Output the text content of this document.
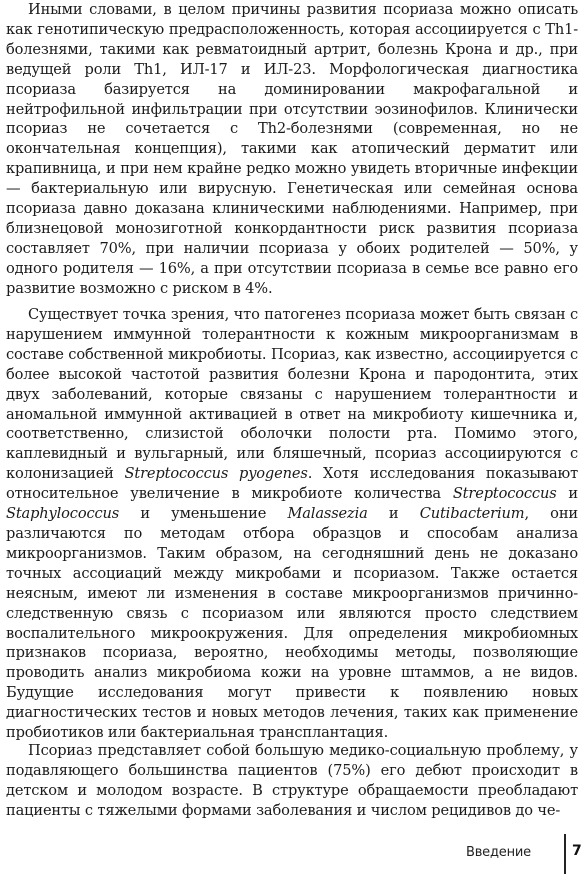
Иными словами, в целом причины развития псориаза можно описать как генотипическую предрасположенность, которая ассоциируется с Th1-болезнями, такими как ревматоидный артрит, болезнь Крона и др., при ведущей роли Th1, ИЛ-17 и ИЛ-23. Морфологическая диагностика псориаза базируется на доминировании макрофагальной и нейтрофильной инфильтрации при отсутствии эозинофилов. Клинически псориаз не сочетается с Th2-болезнями (современная, но не окончательная концепция), такими как атопический дерматит или крапивница, и при нем крайне редко можно увидеть вторичные инфекции — бактериальную или вирусную. Генетическая или семейная основа псориаза давно доказана клиническими наблюдениями. Например, при близнецовой монозиготной конкордантности риск развития псориаза составляет 70%, при наличии псориаза у обоих родителей — 50%, у одного родителя — 16%, а при отсутствии псориаза в семье все равно его развитие возможно с риском в 4%.

Существует точка зрения, что патогенез псориаза может быть связан с нарушением иммунной толерантности к кожным микроорганизмам в составе собственной микробиоты. Псориаз, как известно, ассоциируется с более высокой частотой развития болезни Крона и пародонтита, этих двух заболеваний, которые связаны с нарушением толерантности и аномальной иммунной активацией в ответ на микробиоту кишечника и, соответственно, слизистой оболочки полости рта. Помимо этого, каплевидный и вульгарный, или бляшечный, псориаз ассоциируются с колонизацией Streptococcus pyogenes. Хотя исследования показывают относительное увеличение в микробиоте количества Streptococcus и Staphylococcus и уменьшение Malassezia и Cutibacterium, они различаются по методам отбора образцов и способам анализа микроорганизмов. Таким образом, на сегодняшний день не доказано точных ассоциаций между микробами и псориазом. Также остается неясным, имеют ли изменения в составе микроорганизмов причинно-следственную связь с псориазом или являются просто следствием воспалительного микроокружения. Для определения микробиомных признаков псориаза, вероятно, необходимы методы, позволяющие проводить анализ микробиома кожи на уровне штаммов, а не видов. Будущие исследования могут привести к появлению новых диагностических тестов и новых методов лечения, таких как применение пробиотиков или бактериальная трансплантация.

Псориаз представляет собой большую медико-социальную проблему, у подавляющего большинства пациентов (75%) его дебют происходит в детском и молодом возрасте. В структуре обращаемости преобладают пациенты с тяжелыми формами заболевания и числом рецидивов до че-

Введение	7
